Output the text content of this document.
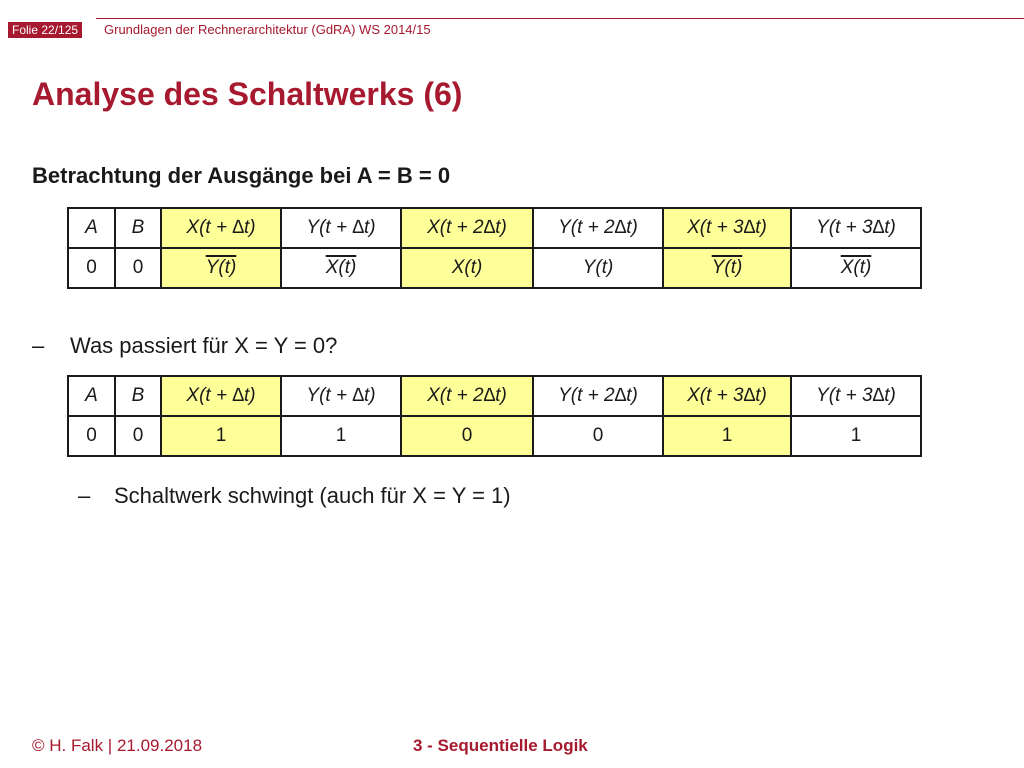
Folie 22/125	Grundlagen der Rechnerarchitektur (GdRA) WS 2014/15
Analyse des Schaltwerks (6)
Betrachtung der Ausgänge bei A = B = 0
A	B	X(t + ∆t)	Y(t + ∆t)	X(t + 2∆t)	Y(t + 2∆t)	X(t + 3∆t)	Y(t + 3∆t)
0	0	Y(t)	X(t)	X(t)	Y(t)	Y(t)	X(t)
– Was passiert für X = Y = 0?
A	B	X(t + ∆t)	Y(t + ∆t)	X(t + 2∆t)	Y(t + 2∆t)	X(t + 3∆t)	Y(t + 3∆t)
0	0	1	1	0	0	1	1
– Schaltwerk schwingt (auch für X = Y = 1)
© H. Falk | 21.09.2018	3 - Sequentielle Logik
